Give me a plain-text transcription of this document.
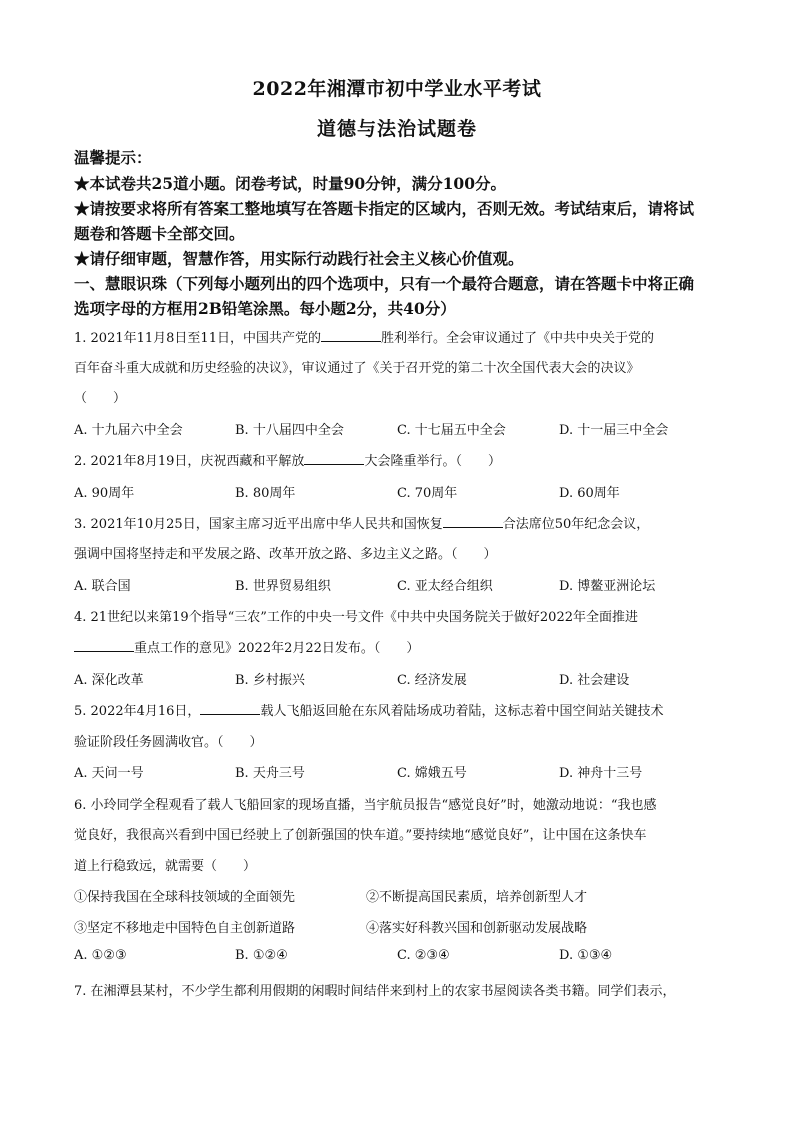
2022年湘潭市初中学业水平考试
道德与法治试题卷
温馨提示：
★本试卷共25道小题。闭卷考试，时量90分钟，满分100分。
★请按要求将所有答案工整地填写在答题卡指定的区域内，否则无效。考试结束后，请将试
题卷和答题卡全部交回。
★请仔细审题，智慧作答，用实际行动践行社会主义核心价值观。
一、慧眼识珠（下列每小题列出的四个选项中，只有一个最符合题意，请在答题卡中将正确
选项字母的方框用2B铅笔涂黑。每小题2分，共40分）
1. 2021年11月8日至11日，中国共产党的	胜利举行。全会审议通过了《中共中央关于党的
百年奋斗重大成就和历史经验的决议》，审议通过了《关于召开党的第二十次全国代表大会的决议》
（　　）
A. 十九届六中全会	B. 十八届四中全会	C. 十七届五中全会	D. 十一届三中全会
2. 2021年8月19日，庆祝西藏和平解放	大会隆重举行。（　　）
A. 90周年	B. 80周年	C. 70周年	D. 60周年
3. 2021年10月25日，国家主席习近平出席中华人民共和国恢复	合法席位50年纪念会议，
强调中国将坚持走和平发展之路、改革开放之路、多边主义之路。（　　）
A. 联合国	B. 世界贸易组织	C. 亚太经合组织	D. 博鳌亚洲论坛
4. 21世纪以来第19个指导“三农”工作的中央一号文件《中共中央国务院关于做好2022年全面推进
重点工作的意见》2022年2月22日发布。（　　）
A. 深化改革	B. 乡村振兴	C. 经济发展	D. 社会建设
5. 2022年4月16日，	载人飞船返回舱在东风着陆场成功着陆，这标志着中国空间站关键技术
验证阶段任务圆满收官。（　　）
A. 天问一号	B. 天舟三号	C. 嫦娥五号	D. 神舟十三号
6. 小玲同学全程观看了载人飞船回家的现场直播，当宇航员报告“感觉良好”时，她激动地说：“我也感
觉良好，我很高兴看到中国已经驶上了创新强国的快车道。”要持续地“感觉良好”，让中国在这条快车
道上行稳致远，就需要（　　）
①保持我国在全球科技领域的全面领先	②不断提高国民素质，培养创新型人才
③坚定不移地走中国特色自主创新道路	④落实好科教兴国和创新驱动发展战略
A. ①②③	B. ①②④	C. ②③④	D. ①③④
7. 在湘潭县某村，不少学生都利用假期的闲暇时间结伴来到村上的农家书屋阅读各类书籍。同学们表示，
